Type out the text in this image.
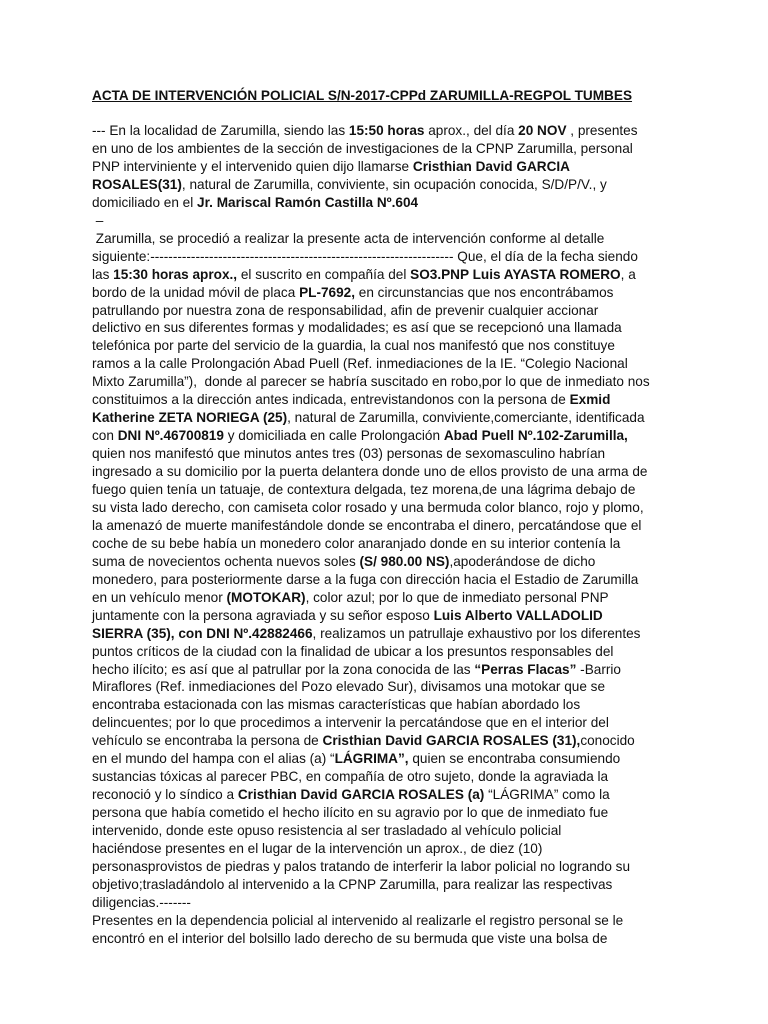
ACTA DE INTERVENCIÓN POLICIAL S/N-2017-CPPd ZARUMILLA-REGPOL TUMBES
--- En la localidad de Zarumilla, siendo las 15:50 horas aprox., del día 20 NOV , presentes
en uno de los ambientes de la sección de investigaciones de la CPNP Zarumilla, personal
PNP interviniente y el intervenido quien dijo llamarse Cristhian David GARCIA
ROSALES(31), natural de Zarumilla, conviviente, sin ocupación conocida, S/D/P/V., y
domiciliado en el Jr. Mariscal Ramón Castilla Nº.604
–
Zarumilla, se procedió a realizar la presente acta de intervención conforme al detalle
siguiente:------------------------------------------------------------------- Que, el día de la fecha siendo
las 15:30 horas aprox., el suscrito en compañía del SO3.PNP Luis AYASTA ROMERO, a
bordo de la unidad móvil de placa PL-7692, en circunstancias que nos encontrábamos
patrullando por nuestra zona de responsabilidad, afin de prevenir cualquier accionar
delictivo en sus diferentes formas y modalidades; es así que se recepcionó una llamada
telefónica por parte del servicio de la guardia, la cual nos manifestó que nos constituye
ramos a la calle Prolongación Abad Puell (Ref. inmediaciones de la IE. “Colegio Nacional
Mixto Zarumilla”),  donde al parecer se habría suscitado en robo,por lo que de inmediato nos
constituimos a la dirección antes indicada, entrevistandonos con la persona de Exmid
Katherine ZETA NORIEGA (25), natural de Zarumilla, conviviente,comerciante, identificada
con DNI Nº.46700819 y domiciliada en calle Prolongación Abad Puell Nº.102-Zarumilla,
quien nos manifestó que minutos antes tres (03) personas de sexomasculino habrían
ingresado a su domicilio por la puerta delantera donde uno de ellos provisto de una arma de
fuego quien tenía un tatuaje, de contextura delgada, tez morena,de una lágrima debajo de
su vista lado derecho, con camiseta color rosado y una bermuda color blanco, rojo y plomo,
la amenazó de muerte manifestándole donde se encontraba el dinero, percatándose que el
coche de su bebe había un monedero color anaranjado donde en su interior contenía la
suma de novecientos ochenta nuevos soles (S/ 980.00 NS),apoderándose de dicho
monedero, para posteriormente darse a la fuga con dirección hacia el Estadio de Zarumilla
en un vehículo menor (MOTOKAR), color azul; por lo que de inmediato personal PNP
juntamente con la persona agraviada y su señor esposo Luis Alberto VALLADOLID
SIERRA (35), con DNI Nº.42882466, realizamos un patrullaje exhaustivo por los diferentes
puntos críticos de la ciudad con la finalidad de ubicar a los presuntos responsables del
hecho ilícito; es así que al patrullar por la zona conocida de las “Perras Flacas” -Barrio
Miraflores (Ref. inmediaciones del Pozo elevado Sur), divisamos una motokar que se
encontraba estacionada con las mismas características que habían abordado los
delincuentes; por lo que procedimos a intervenir la percatándose que en el interior del
vehículo se encontraba la persona de Cristhian David GARCIA ROSALES (31),conocido
en el mundo del hampa con el alias (a) “LÁGRIMA”, quien se encontraba consumiendo
sustancias tóxicas al parecer PBC, en compañía de otro sujeto, donde la agraviada la
reconoció y lo síndico a Cristhian David GARCIA ROSALES (a) “LÁGRIMA” como la
persona que había cometido el hecho ilícito en su agravio por lo que de inmediato fue
intervenido, donde este opuso resistencia al ser trasladado al vehículo policial
haciéndose presentes en el lugar de la intervención un aprox., de diez (10)
personasprovistos de piedras y palos tratando de interferir la labor policial no logrando su
objetivo;trasladándolo al intervenido a la CPNP Zarumilla, para realizar las respectivas
diligencias.-------
Presentes en la dependencia policial al intervenido al realizarle el registro personal se le
encontró en el interior del bolsillo lado derecho de su bermuda que viste una bolsa de
